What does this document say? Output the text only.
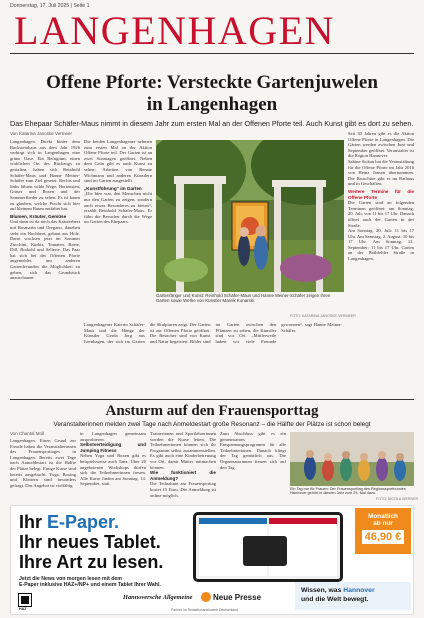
Donnerstag, 17. Juli 2025 | Seite 1
LANGENHAGEN
Offene Pforte: Versteckte Gartenjuwelen
in Langenhagen
Das Ehepaar Schäfer-Maus nimmt in diesem Jahr zum ersten Mal an der Offenen Pforte teil. Auch Kunst gibt es dort zu sehen.
Von Katarina Janoske Vermeer
Langenhagen. Direkt hinter dem Backsteinhaus aus dem Jahr 1926 verbirgt sich in Langenhagen eine grüne Oase. Ein Refugium, einen wirklichen Ort des Rückzugs zu gestalten, haben sich Reinhold Schäfer-Maus und Hanne Meiner-Schäfer zum Ziel gesetzt. Rechts und links führen wilde Wege, Hortensien, Gräser und Rosen und der Sommerflieder zu sehen. Es ist kaum zu glauben, welche Pracht sich hier auf kleinem Raum entfaltet hat.

Blumen, Kräuter, Gemüse
Und dann ist da noch das Kräuterbeet mit Rosmarin und Oregano, daneben steht ein Hochbeet, gebaut aus Holz. Darin wachsen jetzt im Sommer Zucchini, Kürbis, Tomaten, Beete, Dill, Rotkohl und Sellerie. Das Paar hat sich bei der Offenen Pforte angemeldet, um anderen Gartenfreunden die Möglichkeit zu geben, sich das Grundstück anzuschauen.
Die beiden Langenhagener nehmen zum ersten Mal an der Aktion Offene Pforte teil. Der Garten ist an zwei Sonntagen geöffnet. Neben dem Grün gibt es auch Kunst zu sehen: Arbeiten von Renate Wichmann und anderen Künstlern sind im Garten ausgestellt.

„Kunstführung“ im Garten
„Die Idee war, den Menschen nicht nur den Garten zu zeigen, sondern auch etwas Besonderes zu bieten“, erzählt Reinhold Schäfer-Maus. Er führt die Besucher durch die Wege im Garten des Ehepaars.
Gartenfänger und Kunst: Reinhold Schäfer-Maus und Hanne Meiner-Schäfer zeigen ihren Garten sowie Werke von Künstler Mareik Konarski.
FOTO: KATARINA JANOSKE-VERMEER
Langenhagener Katerin Schäfer-Maus und die Hänge der Künstler Gerda Jörg aus Isernhagen, der sich im Garten die Skulpturen zeigt. Der Garten ist zur Offenen Pforte geöffnet. Die Besucher sind von Kunst und Natur begeistert. Bilder sind im Garten zwischen den Pflanzen zu sehen, die Künstler sind vor Ort. „Mittlerweile haben wir viele Freunde gewonnen“, sagt Hanne Meiner-Schäfer.
Seit 30 Jahren gibt es die Aktion Offene Pforte in Langenhagen. Die Gärten werden zwischen Juni und September geöffnet. Veranstalter ist die Region Hannover.
Sabine Sickau hat die Veranstaltung für die Offene Pforte im Jahr 2016 von Heinz Jansen übernommen. Die Broschüre gibt es im Rathaus und in Geschäften.
Weitere Termine für die Offene Pforte
Die Gärten sind an folgenden Terminen geöffnet: am Sonntag, 20. Juli, von 11 bis 17 Uhr. Danach öffnet auch der Garten in der Straße.
Am Sonntag, 20. Juli: 11 bis 17 Uhr. Am Samstag, 2. August: 10 bis 17 Uhr. Am Sonntag, 21. September: 11 bis 17 Uhr. Garten an der Bothfelder Straße in Langenhagen.
Ansturm auf den Frauensporttag
Veranstalterinnen melden zwei Tage nach Anmeldestart große Resonanz – die Hälfte der Plätze ist schon belegt
Von Chantal Moll
Langenhagen. Einen Grund zur Freude haben die Veranstalterinnen des Frauensporttages in Langenhagen: Bereits zwei Tage nach Anmeldestart ist die Hälfte der Plätze belegt. Einige Kurse sind bereits ausgebucht. Yoga, Boxing und Klettern sind besonders gefragt. Das Angebot ist vielfältig.
in Langenhagen gemeinsam ausprobieren.
Selbstverteidigung und Jumping Fitness
Neben Yoga und Boxen gibt es beispielsweise auch Tanz. Über 20 angebotenen Workshops dürfen sich die Teilnehmerinnen freuen. Alle Kurse finden am Sonntag, 14. September, statt.
Trainerinnen und Sportlehrerinnen werden die Kurse leiten. Die Teilnehmerinnen können sich ihr Programm selbst zusammenstellen. Es gibt auch eine Kinderbetreuung vor Ort, damit Mütter mitmachen können.
Wie funktioniert die Anmeldung?
Die Teilnahme am Frauensporttag kostet 15 Euro. Die Anmeldung ist online möglich.
Zum Abschluss gibt es ein gemeinsames Entspannungsprogramm für alle Teilnehmerinnen. Danach klingt der Tag gemütlich aus. Die Organisatorinnen freuen sich auf den Tag.
Ein Tag nur für Frauen: Der Frauensporttag des Regionssportbundes Hannover gehört in diesem Jahr zum 25. Mal dazu.
FOTO: NICOLA WERNER
Ihr E-Paper.
Ihr neues Tablet.
Ihre Art zu lesen.
Jetzt die News von morgen lesen mit dem
E-Paper inklusive HAZ+/NP+ und einem Tablet Ihrer Wahl.
HAZ
Monatlich
ab nur
46,90 €
Hannoversche Allgemeine	Neue Presse
Wissen, was Hannover
und die Welt bewegt.
Partner im Redaktionsnetzwerk Deutschland
